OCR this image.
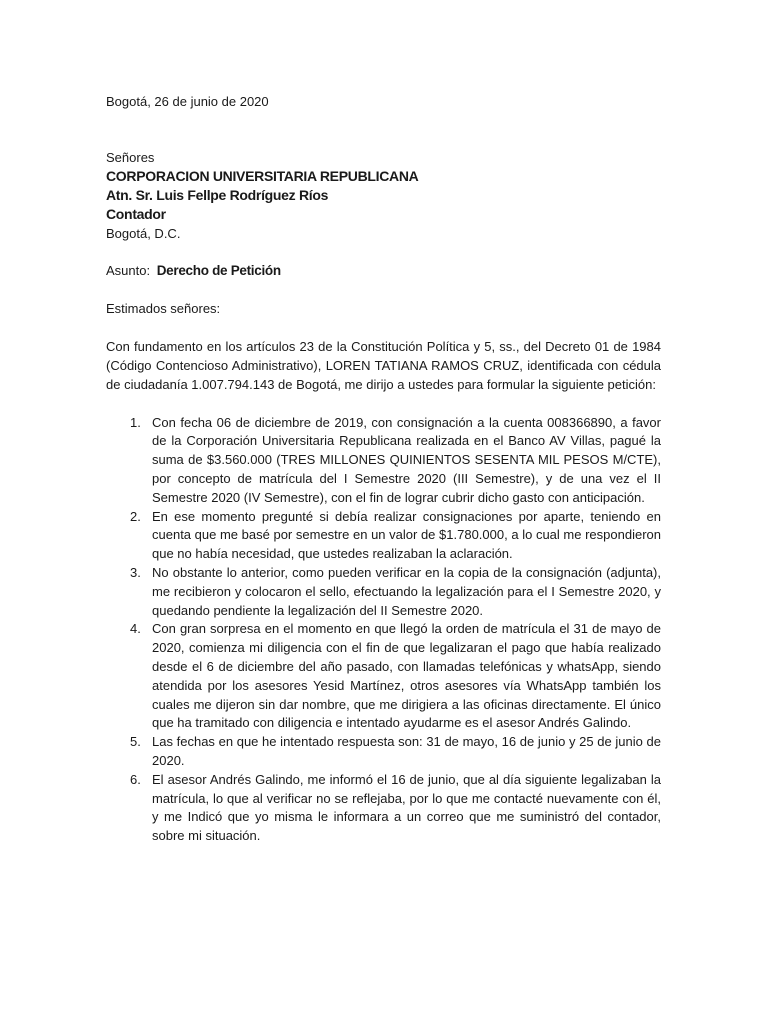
Bogotá, 26 de junio de 2020

Señores

CORPORACION UNIVERSITARIA REPUBLICANA

Atn. Sr. Luis Fellpe Rodríguez Ríos

Contador

Bogotá, D.C.

Asunto: Derecho de Petición

Estimados señores:

Con fundamento en los artículos 23 de la Constitución Política y 5, ss., del Decreto 01 de 1984 (Código Contencioso Administrativo), LOREN TATIANA RAMOS CRUZ, identificada con cédula de ciudadanía 1.007.794.143 de Bogotá, me dirijo a ustedes para formular la siguiente petición:

1. Con fecha 06 de diciembre de 2019, con consignación a la cuenta 008366890, a favor de la Corporación Universitaria Republicana realizada en el Banco AV Villas, pagué la suma de $3.560.000 (TRES MILLONES QUINIENTOS SESENTA MIL PESOS M/CTE), por concepto de matrícula del I Semestre 2020 (III Semestre), y de una vez el II Semestre 2020 (IV Semestre), con el fin de lograr cubrir dicho gasto con anticipación.
2. En ese momento pregunté si debía realizar consignaciones por aparte, teniendo en cuenta que me basé por semestre en un valor de $1.780.000, a lo cual me respondieron que no había necesidad, que ustedes realizaban la aclaración.
3. No obstante lo anterior, como pueden verificar en la copia de la consignación (adjunta), me recibieron y colocaron el sello, efectuando la legalización para el I Semestre 2020, y quedando pendiente la legalización del II Semestre 2020.
4. Con gran sorpresa en el momento en que llegó la orden de matrícula el 31 de mayo de 2020, comienza mi diligencia con el fin de que legalizaran el pago que había realizado desde el 6 de diciembre del año pasado, con llamadas telefónicas y whatsApp, siendo atendida por los asesores Yesid Martínez, otros asesores vía WhatsApp también los cuales me dijeron sin dar nombre, que me dirigiera a las oficinas directamente. El único que ha tramitado con diligencia e intentado ayudarme es el asesor Andrés Galindo.
5. Las fechas en que he intentado respuesta son: 31 de mayo, 16 de junio y 25 de junio de 2020.
6. El asesor Andrés Galindo, me informó el 16 de junio, que al día siguiente legalizaban la matrícula, lo que al verificar no se reflejaba, por lo que me contacté nuevamente con él, y me Indicó que yo misma le informara a un correo que me suministró del contador, sobre mi situación.
